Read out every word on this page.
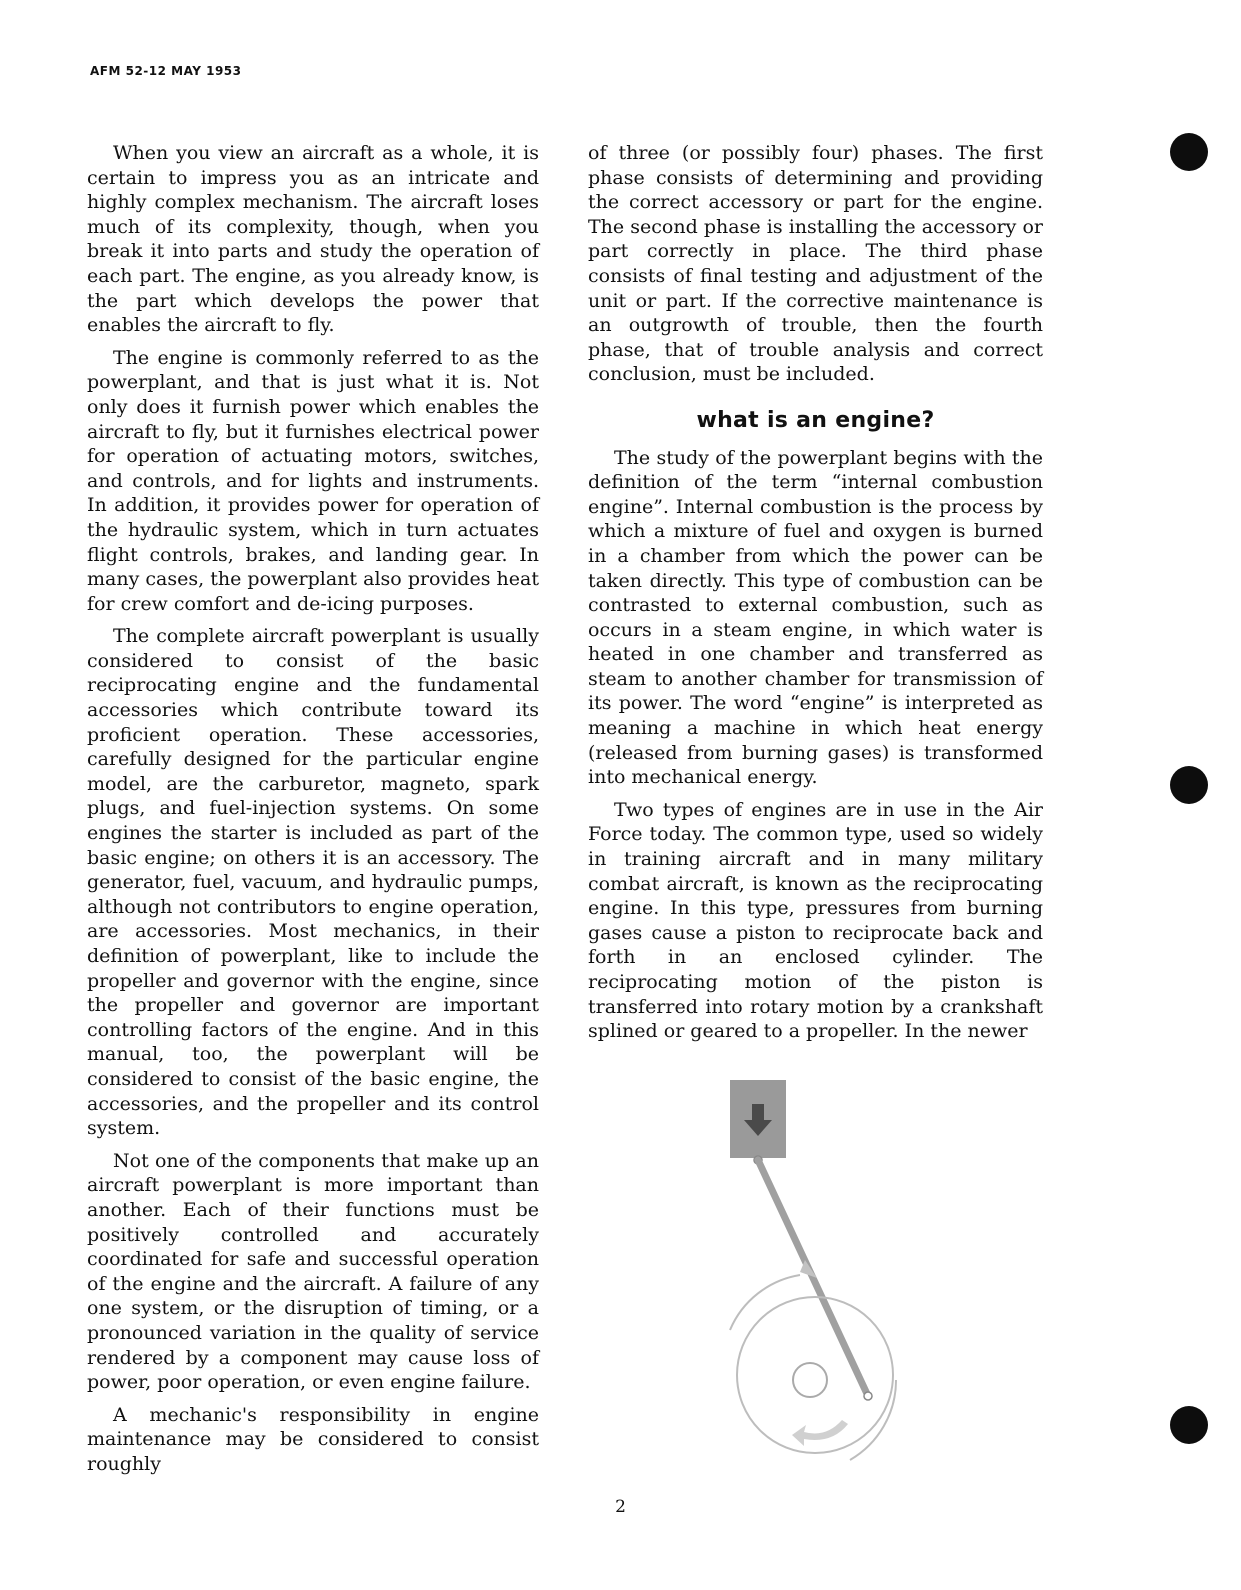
AFM 52-12 MAY 1953

When you view an aircraft as a whole, it is certain to impress you as an intricate and highly complex mechanism. The aircraft loses much of its complexity, though, when you break it into parts and study the operation of each part. The engine, as you already know, is the part which develops the power that enables the aircraft to fly.

The engine is commonly referred to as the powerplant, and that is just what it is. Not only does it furnish power which enables the aircraft to fly, but it furnishes electrical power for operation of actuating motors, switches, and controls, and for lights and instruments. In addition, it provides power for operation of the hydraulic system, which in turn actuates flight controls, brakes, and landing gear. In many cases, the powerplant also provides heat for crew comfort and de-icing purposes.

The complete aircraft powerplant is usually considered to consist of the basic reciprocating engine and the fundamental accessories which contribute toward its proficient operation. These accessories, carefully designed for the particular engine model, are the carburetor, magneto, spark plugs, and fuel-injection systems. On some engines the starter is included as part of the basic engine; on others it is an accessory. The generator, fuel, vacuum, and hydraulic pumps, although not contributors to engine operation, are accessories. Most mechanics, in their definition of powerplant, like to include the propeller and governor with the engine, since the propeller and governor are important controlling factors of the engine. And in this manual, too, the powerplant will be considered to consist of the basic engine, the accessories, and the propeller and its control system.

Not one of the components that make up an aircraft powerplant is more important than another. Each of their functions must be positively controlled and accurately coordinated for safe and successful operation of the engine and the aircraft. A failure of any one system, or the disruption of timing, or a pronounced variation in the quality of service rendered by a component may cause loss of power, poor operation, or even engine failure.

A mechanic's responsibility in engine maintenance may be considered to consist roughly

of three (or possibly four) phases. The first phase consists of determining and providing the correct accessory or part for the engine. The second phase is installing the accessory or part correctly in place. The third phase consists of final testing and adjustment of the unit or part. If the corrective maintenance is an outgrowth of trouble, then the fourth phase, that of trouble analysis and correct conclusion, must be included.

what is an engine?

The study of the powerplant begins with the definition of the term “internal combustion engine”. Internal combustion is the process by which a mixture of fuel and oxygen is burned in a chamber from which the power can be taken directly. This type of combustion can be contrasted to external combustion, such as occurs in a steam engine, in which water is heated in one chamber and transferred as steam to another chamber for transmission of its power. The word “engine” is interpreted as meaning a machine in which heat energy (released from burning gases) is transformed into mechanical energy.

Two types of engines are in use in the Air Force today. The common type, used so widely in training aircraft and in many military combat aircraft, is known as the reciprocating engine. In this type, pressures from burning gases cause a piston to reciprocate back and forth in an enclosed cylinder. The reciprocating motion of the piston is transferred into rotary motion by a crankshaft splined or geared to a propeller. In the newer

2
